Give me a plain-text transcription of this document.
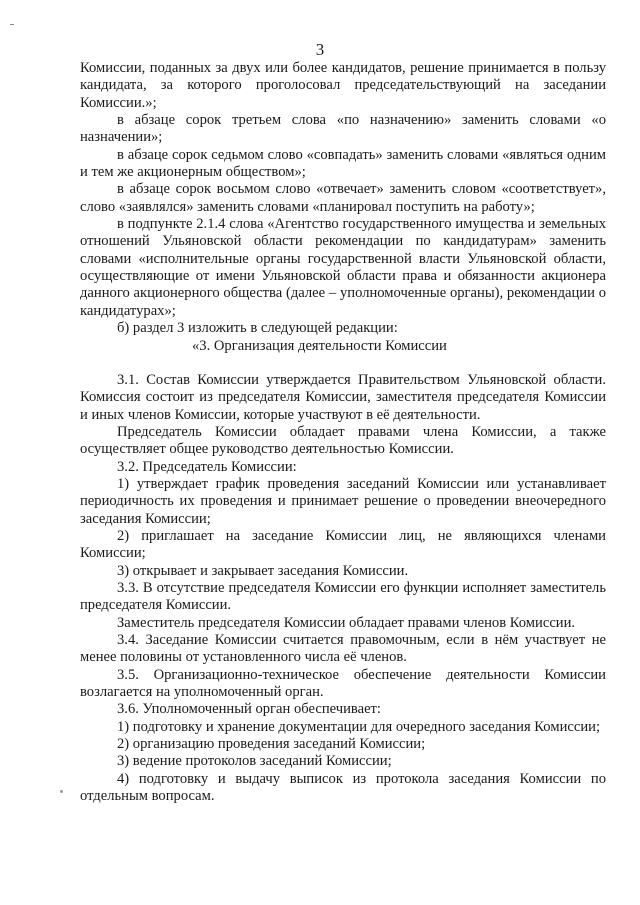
3

Комиссии, поданных за двух или более кандидатов, решение принимается в пользу кандидата, за которого проголосовал председательствующий на заседании Комиссии.»;

в абзаце сорок третьем слова «по назначению» заменить словами «о назначении»;

в абзаце сорок седьмом слово «совпадать» заменить словами «являться одним и тем же акционерным обществом»;

в абзаце сорок восьмом слово «отвечает» заменить словом «соответствует», слово «заявлялся» заменить словами «планировал поступить на работу»;

в подпункте 2.1.4 слова «Агентство государственного имущества и земельных отношений Ульяновской области рекомендации по кандидатурам» заменить словами «исполнительные органы государственной власти Ульяновской области, осуществляющие от имени Ульяновской области права и обязанности акционера данного акционерного общества (далее – уполномоченные органы), рекомендации о кандидатурах»;

б) раздел 3 изложить в следующей редакции:

«3. Организация деятельности Комиссии

3.1. Состав Комиссии утверждается Правительством Ульяновской области. Комиссия состоит из председателя Комиссии, заместителя председателя Комиссии и иных членов Комиссии, которые участвуют в её деятельности.

Председатель Комиссии обладает правами члена Комиссии, а также осуществляет общее руководство деятельностью Комиссии.

3.2. Председатель Комиссии:

1) утверждает график проведения заседаний Комиссии или устанавливает периодичность их проведения и принимает решение о проведении внеочередного заседания Комиссии;

2) приглашает на заседание Комиссии лиц, не являющихся членами Комиссии;

3) открывает и закрывает заседания Комиссии.

3.3. В отсутствие председателя Комиссии его функции исполняет заместитель председателя Комиссии.

Заместитель председателя Комиссии обладает правами членов Комиссии.

3.4. Заседание Комиссии считается правомочным, если в нём участвует не менее половины от установленного числа её членов.

3.5. Организационно-техническое обеспечение деятельности Комиссии возлагается на уполномоченный орган.

3.6. Уполномоченный орган обеспечивает:

1) подготовку и хранение документации для очередного заседания Комиссии;

2) организацию проведения заседаний Комиссии;

3) ведение протоколов заседаний Комиссии;

4) подготовку и выдачу выписок из протокола заседания Комиссии по отдельным вопросам.
